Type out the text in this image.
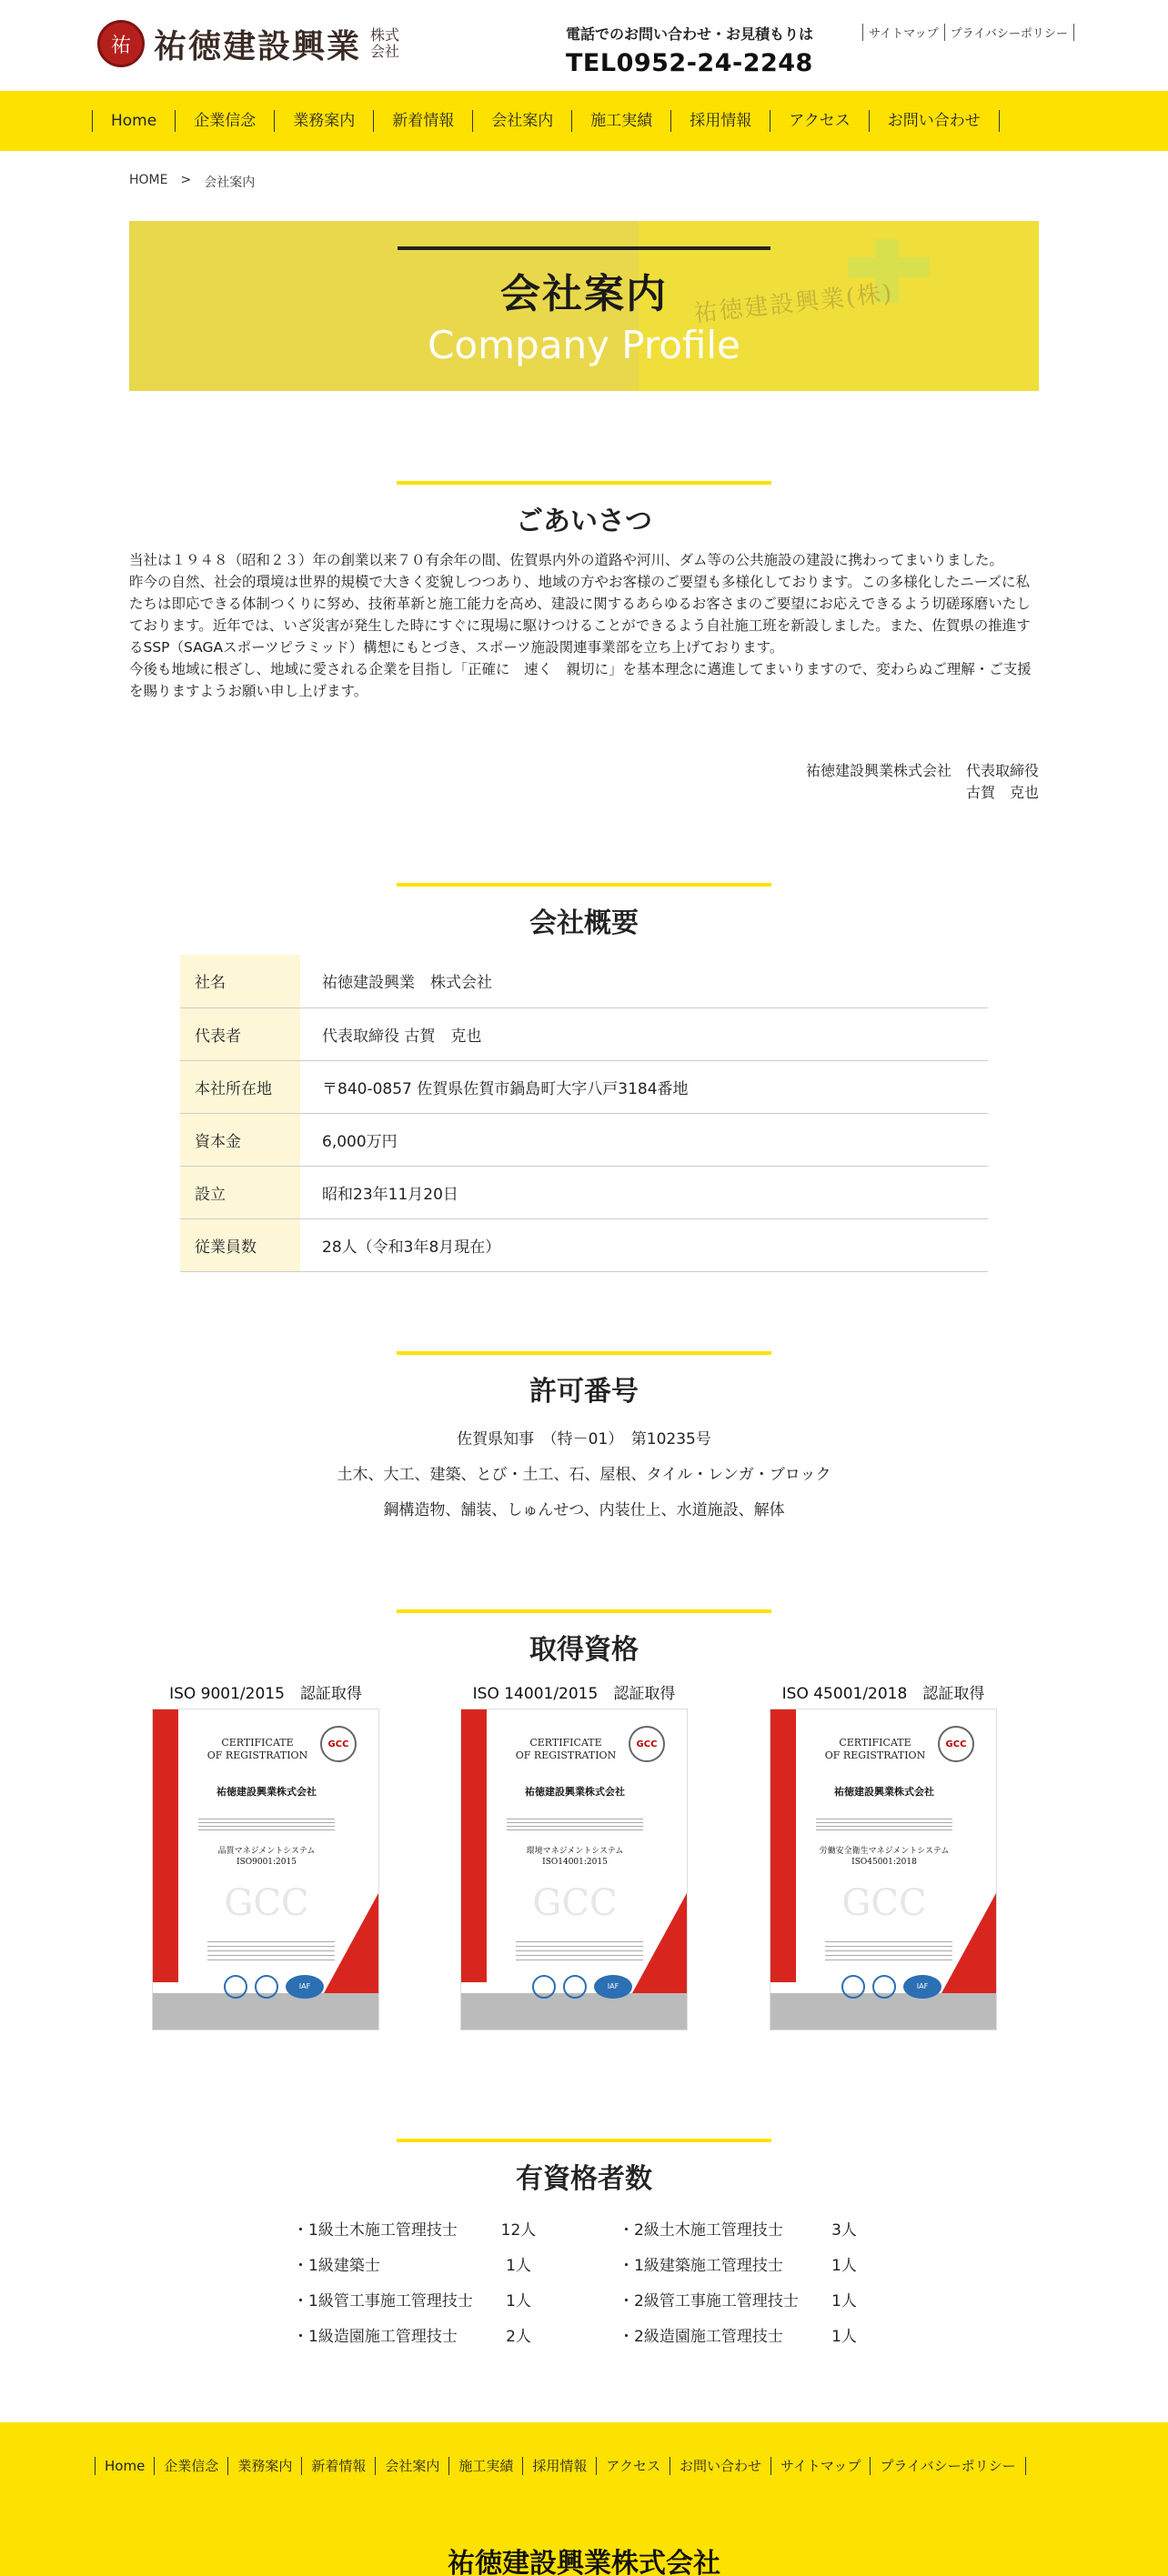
祐 祐徳建設興業 株式会社
電話でのお問い合わせ・お見積もりは
TEL0952-24-2248
サイトマップ	プライバシーポリシー
Home	企業信念	業務案内	新着情報	会社案内	施工実績	採用情報	アクセス	お問い合わせ
HOME > 会社案内
祐徳建設興業(株)
会社案内
Company Profile
ごあいさつ

当社は１９４８（昭和２３）年の創業以来７０有余年の間、佐賀県内外の道路や河川、ダム等の公共施設の建設に携わってまいりました。

昨今の自然、社会的環境は世界的規模で大きく変貌しつつあり、地域の方やお客様のご要望も多様化しております。この多様化したニーズに私たちは即応できる体制つくりに努め、技術革新と施工能力を高め、建設に関するあらゆるお客さまのご要望にお応えできるよう切磋琢磨いたしております。近年では、いざ災害が発生した時にすぐに現場に駆けつけることができるよう自社施工班を新設しました。また、佐賀県の推進するSSP（SAGAスポーツピラミッド）構想にもとづき、スポーツ施設関連事業部を立ち上げております。

今後も地域に根ざし、地域に愛される企業を目指し「正確に　速く　親切に」を基本理念に邁進してまいりますので、変わらぬご理解・ご支援を賜りますようお願い申し上げます。

祐徳建設興業株式会社　代表取締役
古賀　克也
会社概要
社名	祐徳建設興業　株式会社
代表者	代表取締役 古賀　克也
本社所在地	〒840-0857 佐賀県佐賀市鍋島町大字八戸3184番地
資本金	6,000万円
設立	昭和23年11月20日
従業員数	28人（令和3年8月現在）
許可番号
佐賀県知事　（特－01）　第10235号
土木、大工、建築、とび・土工、石、屋根、タイル・レンガ・ブロック
鋼構造物、舗装、しゅんせつ、内装仕上、水道施設、解体
取得資格
ISO 9001/2015　認証取得
CERTIFICATE
OF REGISTRATION
GCC
祐徳建設興業株式会社
品質マネジメントシステム
ISO9001:2015
GCC
IAF
ISO 14001/2015　認証取得
CERTIFICATE
OF REGISTRATION
GCC
祐徳建設興業株式会社
環境マネジメントシステム
ISO14001:2015
GCC
IAF
ISO 45001/2018　認証取得
CERTIFICATE
OF REGISTRATION
GCC
祐徳建設興業株式会社
労働安全衛生マネジメントシステム
ISO45001:2018
GCC
IAF
有資格者数
・1級土木施工管理技士	12人
・1級建築士	1人
・1級管工事施工管理技士	1人
・1級造園施工管理技士	2人
・2級土木施工管理技士	3人
・1級建築施工管理技士	1人
・2級管工事施工管理技士	1人
・2級造園施工管理技士	1人
Home	企業信念	業務案内	新着情報	会社案内	施工実績	採用情報	アクセス	お問い合わせ	サイトマップ	プライバシーポリシー
祐徳建設興業株式会社
